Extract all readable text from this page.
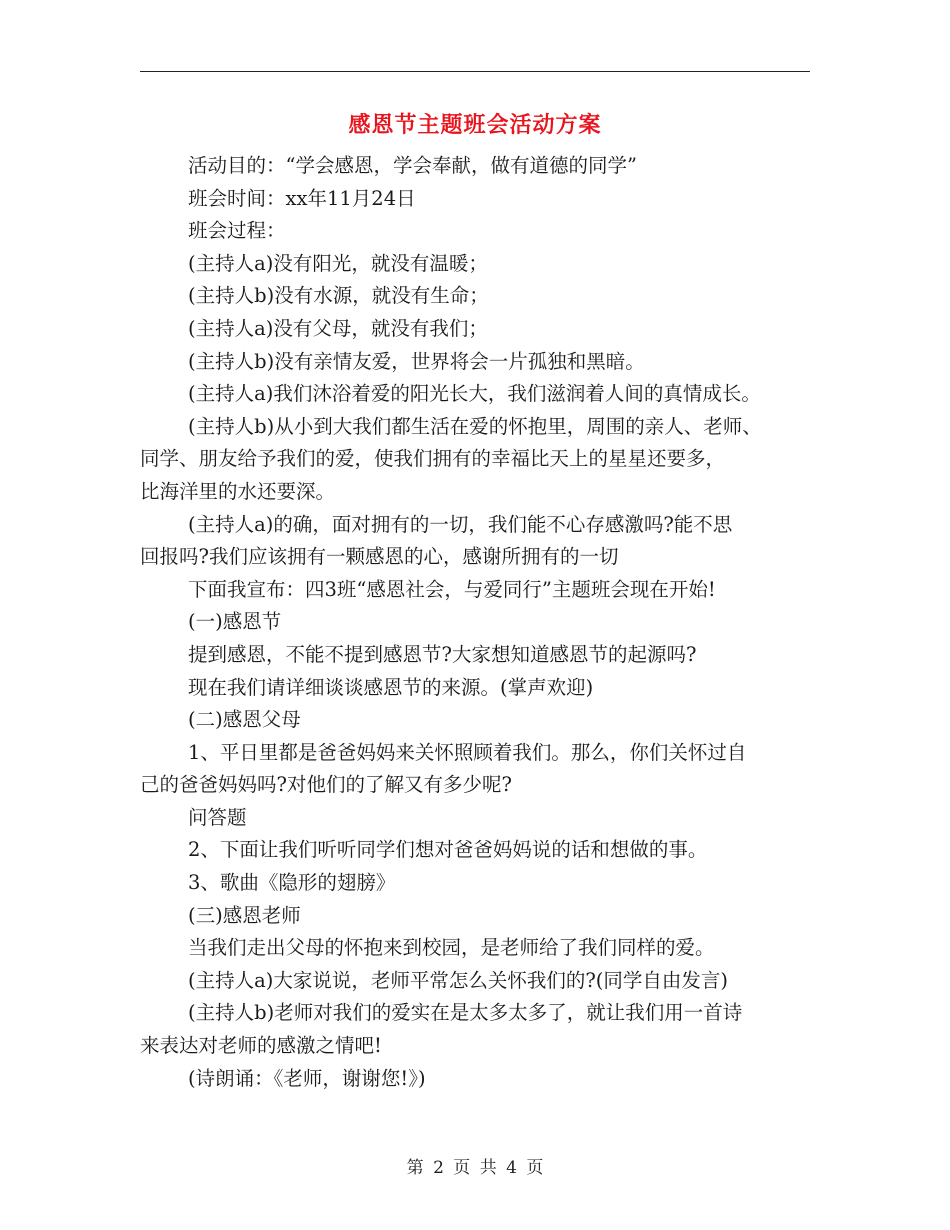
感恩节主题班会活动方案

活动目的：“学会感恩，学会奉献，做有道德的同学”

班会时间：xx年11月24日

班会过程：

(主持人a)没有阳光，就没有温暖；

(主持人b)没有水源，就没有生命；

(主持人a)没有父母，就没有我们；

(主持人b)没有亲情友爱，世界将会一片孤独和黑暗。

(主持人a)我们沐浴着爱的阳光长大，我们滋润着人间的真情成长。

(主持人b)从小到大我们都生活在爱的怀抱里，周围的亲人、老师、

同学、朋友给予我们的爱，使我们拥有的幸福比天上的星星还要多，

比海洋里的水还要深。

(主持人a)的确，面对拥有的一切，我们能不心存感激吗?能不思

回报吗?我们应该拥有一颗感恩的心，感谢所拥有的一切

下面我宣布：四3班“感恩社会，与爱同行”主题班会现在开始!

(一)感恩节

提到感恩，不能不提到感恩节?大家想知道感恩节的起源吗?

现在我们请详细谈谈感恩节的来源。(掌声欢迎)

(二)感恩父母

1、平日里都是爸爸妈妈来关怀照顾着我们。那么，你们关怀过自

己的爸爸妈妈吗?对他们的了解又有多少呢?

问答题

2、下面让我们听听同学们想对爸爸妈妈说的话和想做的事。

3、歌曲《隐形的翅膀》

(三)感恩老师

当我们走出父母的怀抱来到校园，是老师给了我们同样的爱。

(主持人a)大家说说，老师平常怎么关怀我们的?(同学自由发言)

(主持人b)老师对我们的爱实在是太多太多了，就让我们用一首诗

来表达对老师的感激之情吧!

(诗朗诵：《老师，谢谢您!》)

第 2 页 共 4 页
